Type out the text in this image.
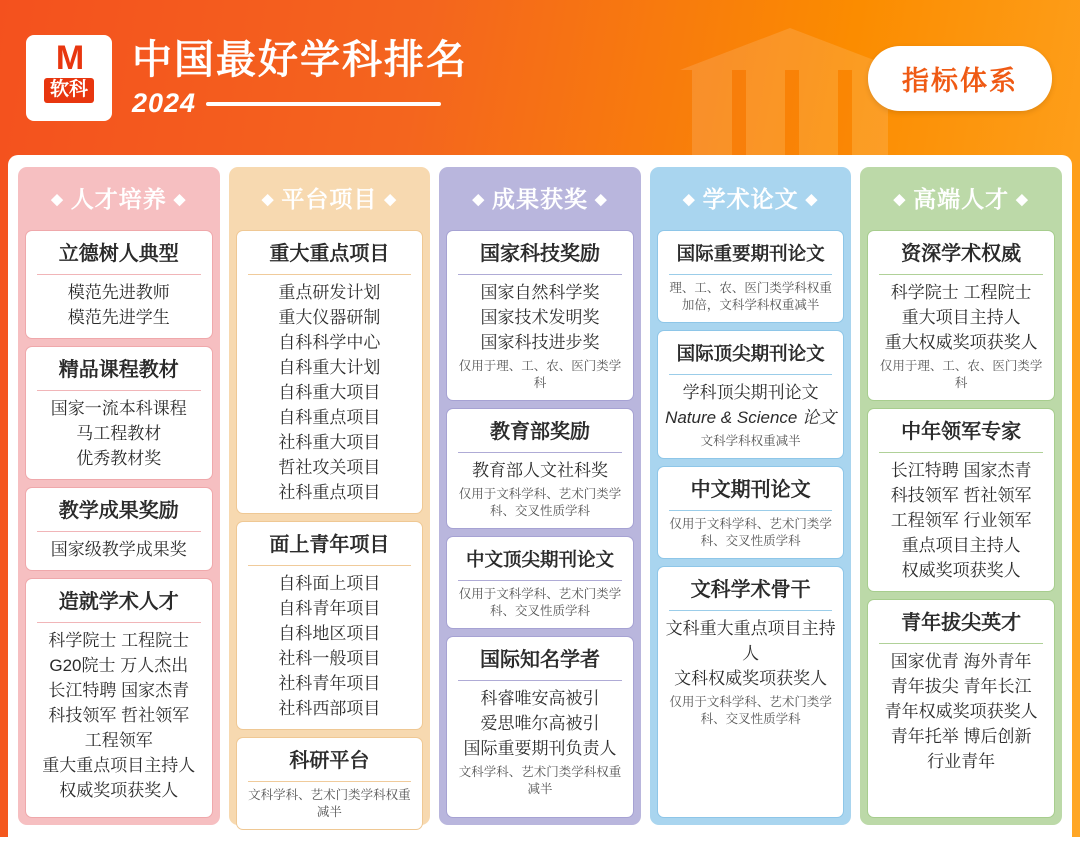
M
软科
中国最好学科排名
2024
指标体系
◆ 人才培养 ◆
立德树人典型
模范先进教师
模范先进学生
精品课程教材
国家一流本科课程
马工程教材
优秀教材奖
教学成果奖励
国家级教学成果奖
造就学术人才
科学院士 工程院士
G20院士 万人杰出
长江特聘 国家杰青
科技领军 哲社领军
工程领军
重大重点项目主持人
权威奖项获奖人
◆ 平台项目 ◆
重大重点项目
重点研发计划
重大仪器研制
自科科学中心
自科重大计划
自科重大项目
自科重点项目
社科重大项目
哲社攻关项目
社科重点项目
面上青年项目
自科面上项目
自科青年项目
自科地区项目
社科一般项目
社科青年项目
社科西部项目
科研平台
文科学科、艺术门类学科权重减半
◆ 成果获奖 ◆
国家科技奖励
国家自然科学奖
国家技术发明奖
国家科技进步奖
仅用于理、工、农、医门类学科
教育部奖励
教育部人文社科奖
仅用于文科学科、艺术门类学科、交叉性质学科
中文顶尖期刊论文
仅用于文科学科、艺术门类学科、交叉性质学科
国际知名学者
科睿唯安高被引
爱思唯尔高被引
国际重要期刊负责人
文科学科、艺术门类学科权重减半
◆ 学术论文 ◆
国际重要期刊论文
理、工、农、医门类学科权重加倍，文科学科权重减半
国际顶尖期刊论文
学科顶尖期刊论文
Nature & Science 论文
文科学科权重减半
中文期刊论文
仅用于文科学科、艺术门类学科、交叉性质学科
文科学术骨干
文科重大重点项目主持人
文科权威奖项获奖人
仅用于文科学科、艺术门类学科、交叉性质学科
◆ 高端人才 ◆
资深学术权威
科学院士 工程院士
重大项目主持人
重大权威奖项获奖人
仅用于理、工、农、医门类学科
中年领军专家
长江特聘 国家杰青
科技领军 哲社领军
工程领军 行业领军
重点项目主持人
权威奖项获奖人
青年拔尖英才
国家优青 海外青年
青年拔尖 青年长江
青年权威奖项获奖人
青年托举 博后创新
行业青年
